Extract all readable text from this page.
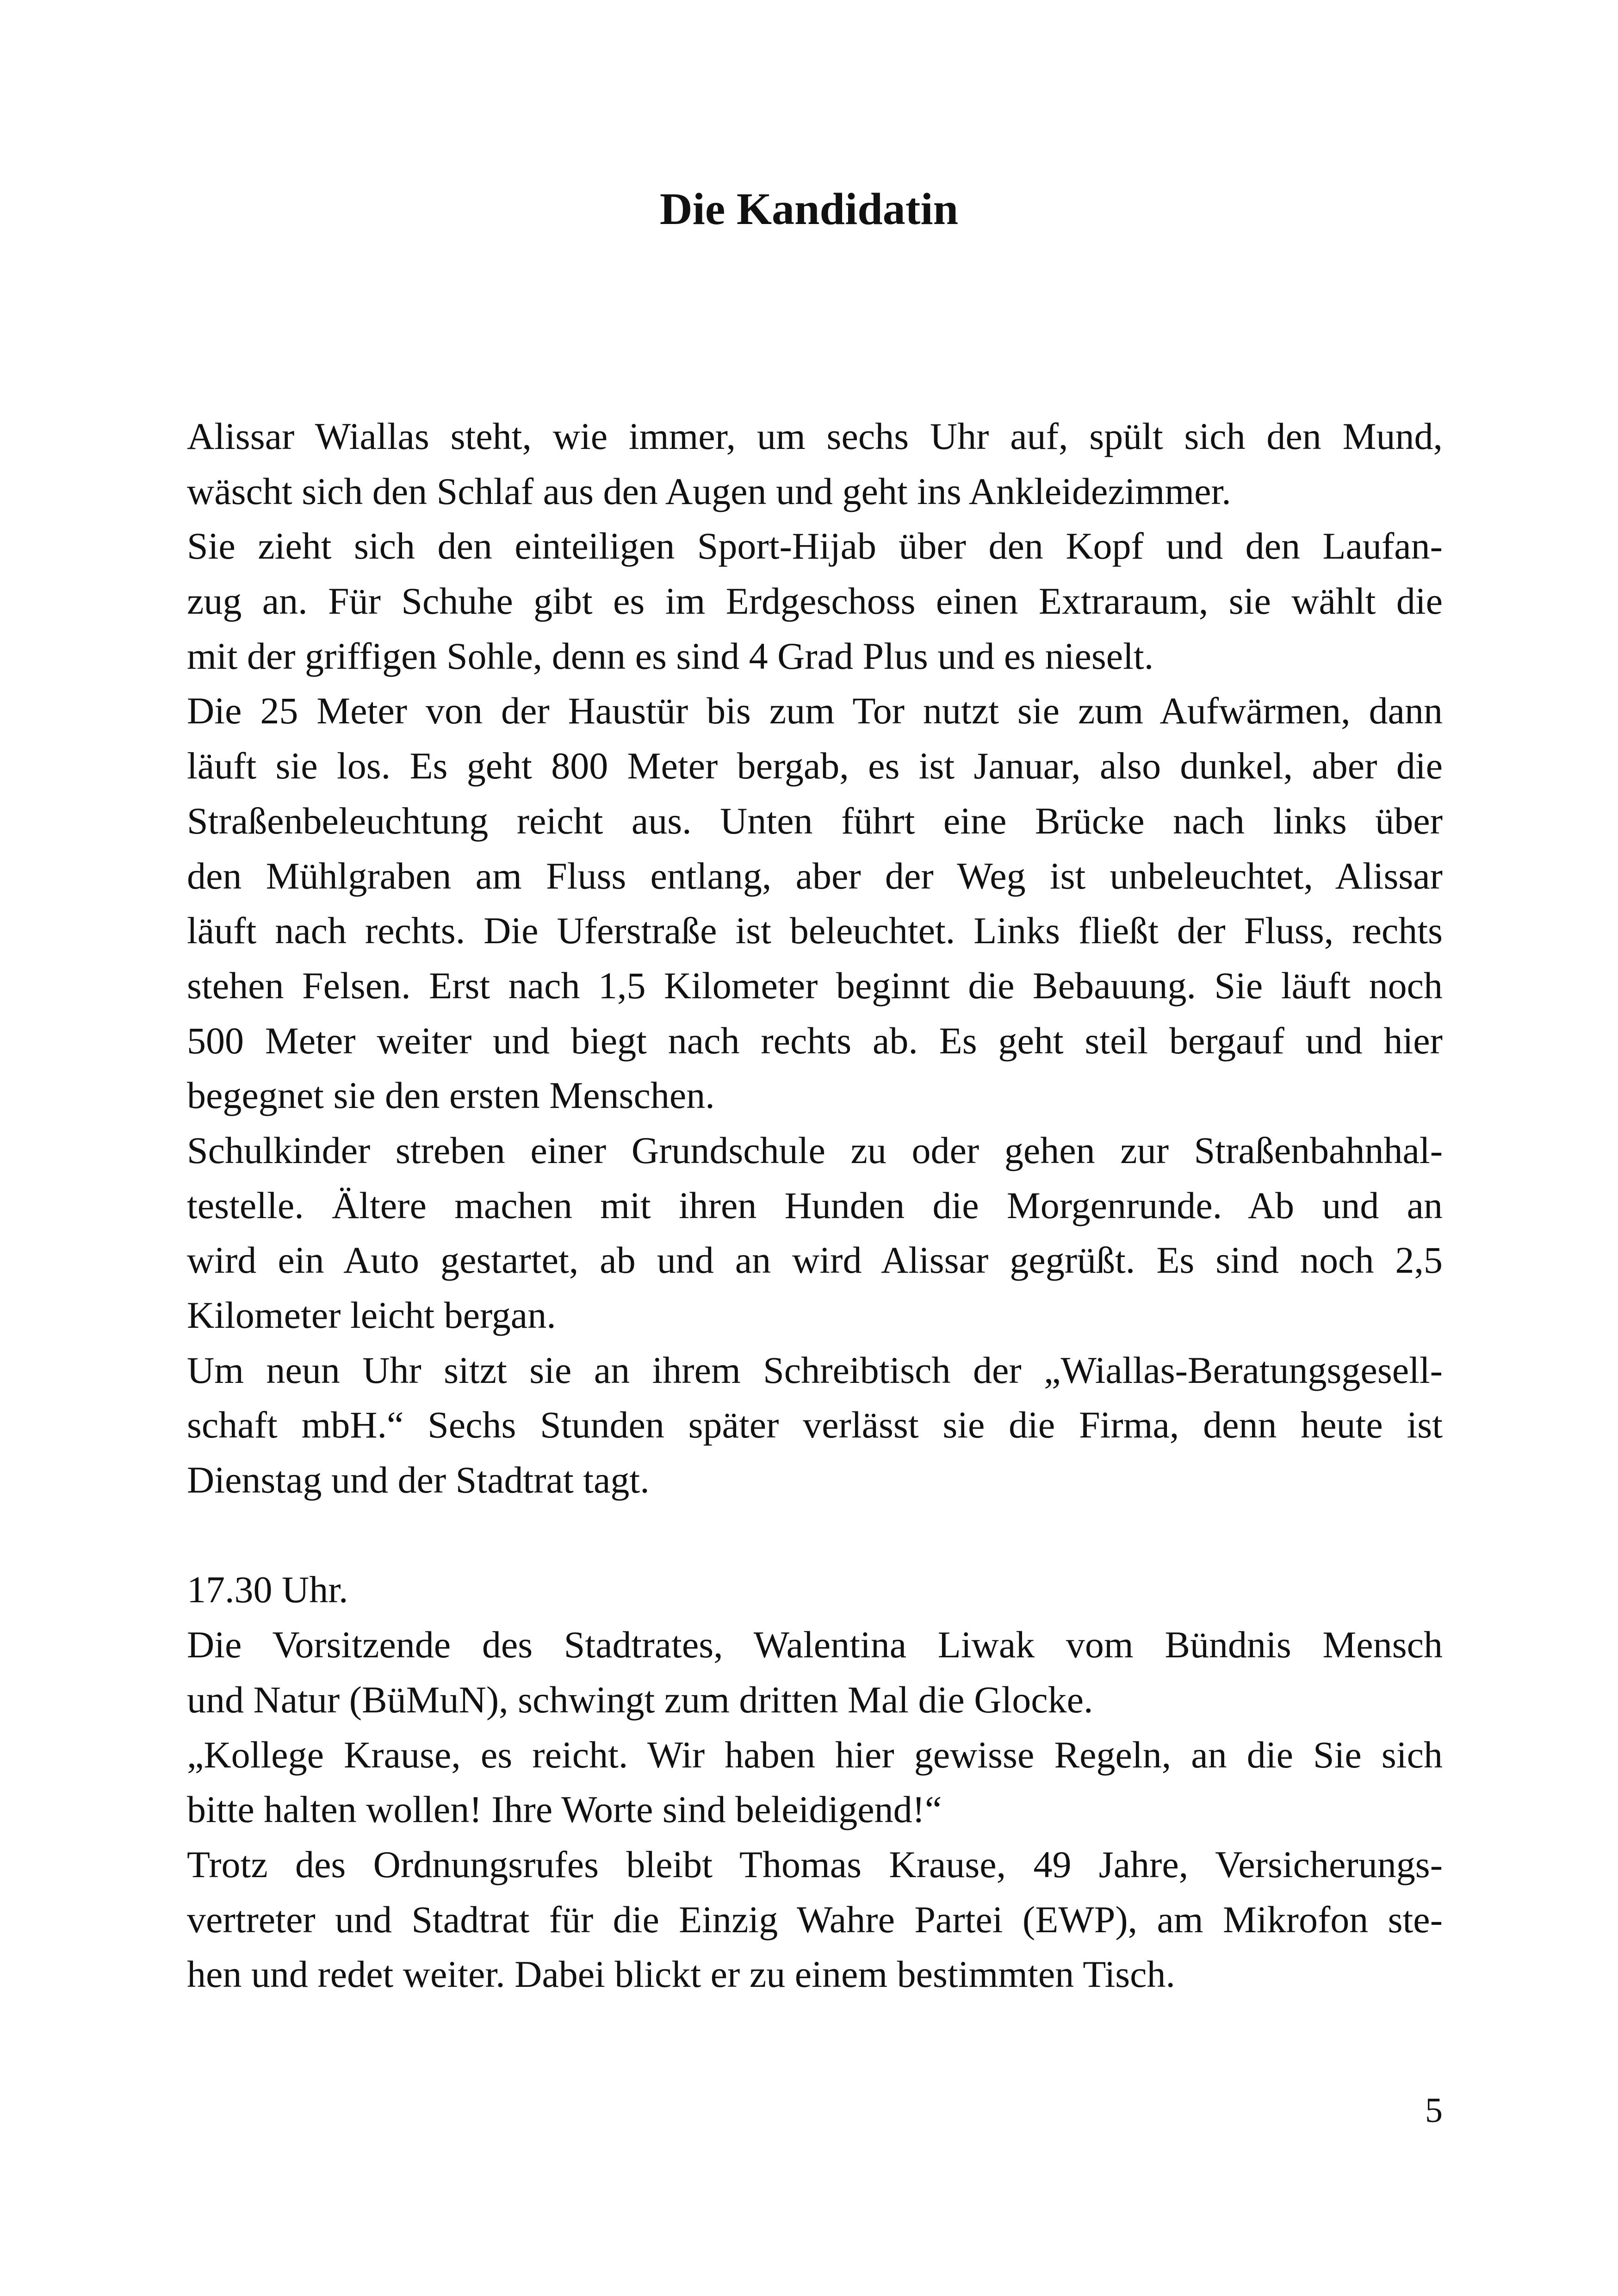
Die Kandidatin
Alissar Wiallas steht, wie immer, um sechs Uhr auf, spült sich den Mund,
wäscht sich den Schlaf aus den Augen und geht ins Ankleidezimmer.
Sie zieht sich den einteiligen Sport-Hijab über den Kopf und den Laufan-
zug an. Für Schuhe gibt es im Erdgeschoss einen Extraraum, sie wählt die
mit der griffigen Sohle, denn es sind 4 Grad Plus und es nieselt.
Die 25 Meter von der Haustür bis zum Tor nutzt sie zum Aufwärmen, dann
läuft sie los. Es geht 800 Meter bergab, es ist Januar, also dunkel, aber die
Straßenbeleuchtung reicht aus. Unten führt eine Brücke nach links über
den Mühlgraben am Fluss entlang, aber der Weg ist unbeleuchtet, Alissar
läuft nach rechts. Die Uferstraße ist beleuchtet. Links fließt der Fluss, rechts
stehen Felsen. Erst nach 1,5 Kilometer beginnt die Bebauung. Sie läuft noch
500 Meter weiter und biegt nach rechts ab. Es geht steil bergauf und hier
begegnet sie den ersten Menschen.
Schulkinder streben einer Grundschule zu oder gehen zur Straßenbahnhal-
testelle. Ältere machen mit ihren Hunden die Morgenrunde. Ab und an
wird ein Auto gestartet, ab und an wird Alissar gegrüßt. Es sind noch 2,5
Kilometer leicht bergan.
Um neun Uhr sitzt sie an ihrem Schreibtisch der „Wiallas-Beratungsgesell-
schaft mbH.“ Sechs Stunden später verlässt sie die Firma, denn heute ist
Dienstag und der Stadtrat tagt.
17.30 Uhr.
Die Vorsitzende des Stadtrates, Walentina Liwak vom Bündnis Mensch
und Natur (BüMuN), schwingt zum dritten Mal die Glocke.
„Kollege Krause, es reicht. Wir haben hier gewisse Regeln, an die Sie sich
bitte halten wollen! Ihre Worte sind beleidigend!“
Trotz des Ordnungsrufes bleibt Thomas Krause, 49 Jahre, Versicherungs-
vertreter und Stadtrat für die Einzig Wahre Partei (EWP), am Mikrofon ste-
hen und redet weiter. Dabei blickt er zu einem bestimmten Tisch.
5
